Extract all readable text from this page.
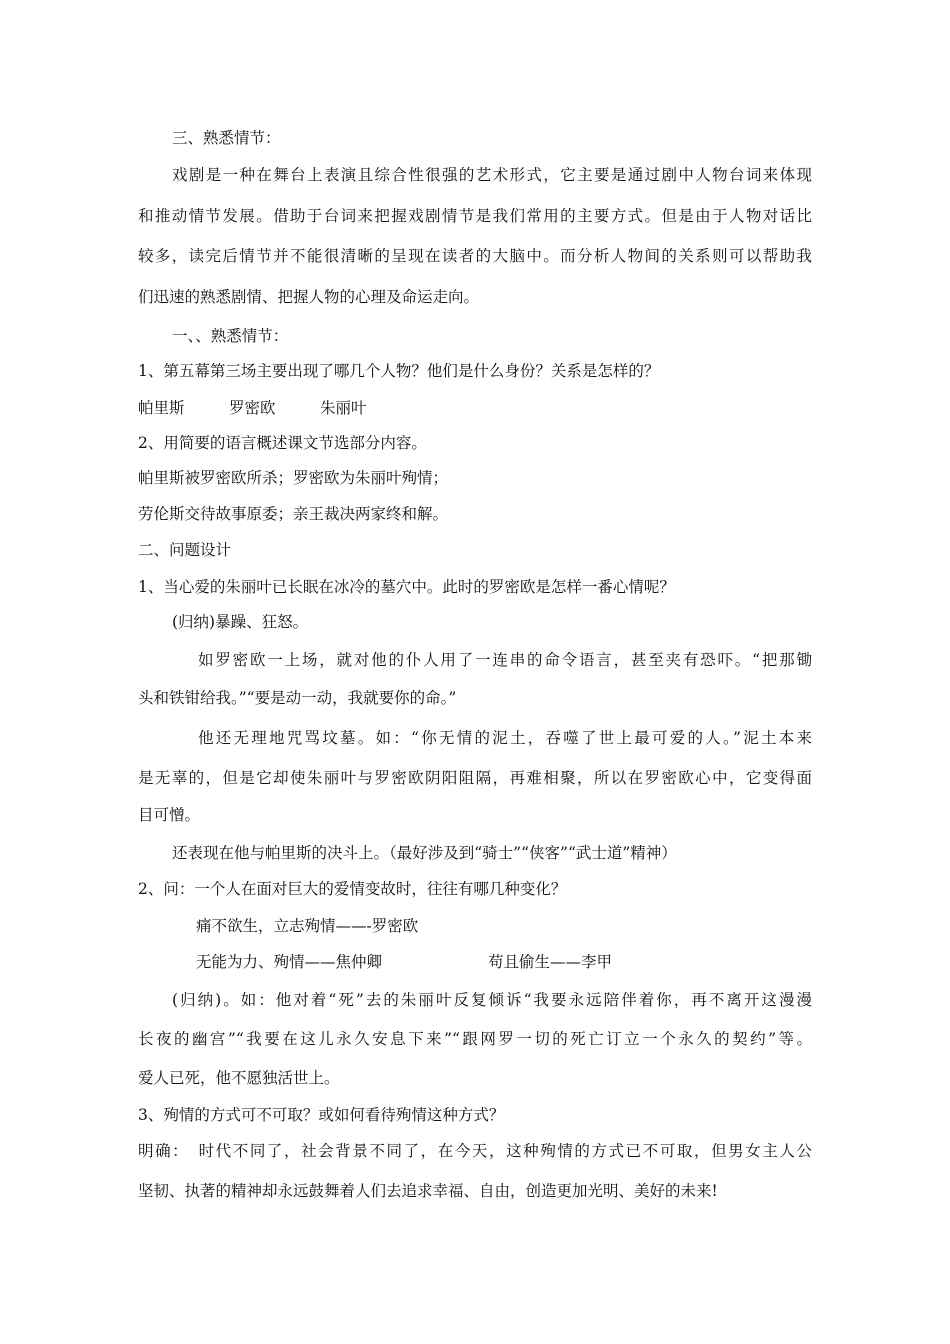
三、熟悉情节：
戏剧是一种在舞台上表演且综合性很强的艺术形式，它主要是通过剧中人物台词来体现
和推动情节发展。借助于台词来把握戏剧情节是我们常用的主要方式。但是由于人物对话比
较多，读完后情节并不能很清晰的呈现在读者的大脑中。而分析人物间的关系则可以帮助我
们迅速的熟悉剧情、把握人物的心理及命运走向。
一、、熟悉情节：
1、第五幕第三场主要出现了哪几个人物？他们是什么身份？关系是怎样的？
帕里斯	罗密欧	朱丽叶
2、用简要的语言概述课文节选部分内容。
帕里斯被罗密欧所杀；罗密欧为朱丽叶殉情；
劳伦斯交待故事原委；亲王裁决两家终和解。
二、问题设计
1、当心爱的朱丽叶已长眠在冰冷的墓穴中。此时的罗密欧是怎样一番心情呢？
(归纳)暴躁、狂怒。
如罗密欧一上场，就对他的仆人用了一连串的命令语言，甚至夹有恐吓。“把那锄
头和铁钳给我。”“要是动一动，我就要你的命。”
他还无理地咒骂坟墓。如：“你无情的泥土，吞噬了世上最可爱的人。”泥土本来
是无辜的，但是它却使朱丽叶与罗密欧阴阳阻隔，再难相聚，所以在罗密欧心中，它变得面
目可憎。
还表现在他与帕里斯的决斗上。（最好涉及到“骑士”“侠客”“武士道”精神）
2、问：一个人在面对巨大的爱情变故时，往往有哪几种变化？
痛不欲生，立志殉情——-罗密欧
无能为力、殉情——焦仲卿	苟且偷生——李甲
(归纳)。如：他对着“死”去的朱丽叶反复倾诉“我要永远陪伴着你，再不离开这漫漫
长夜的幽宫”“我要在这儿永久安息下来”“跟网罗一切的死亡订立一个永久的契约”等。
爱人已死，他不愿独活世上。
3、殉情的方式可不可取？或如何看待殉情这种方式？
明确：　时代不同了，社会背景不同了，在今天，这种殉情的方式已不可取，但男女主人公
坚韧、执著的精神却永远鼓舞着人们去追求幸福、自由，创造更加光明、美好的未来!
